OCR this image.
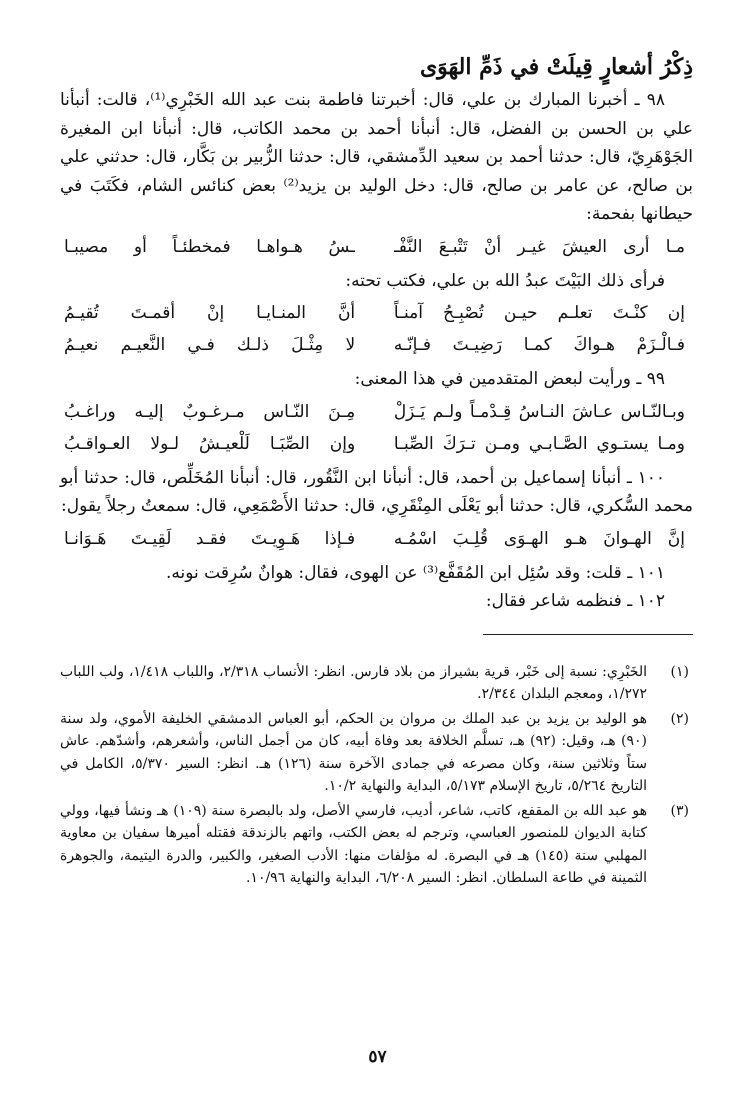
ذِكْرُ أشعارٍ قِيلَتْ في ذَمِّ الهَوَى

٩٨ ـ أخبرنا المبارك بن علي، قال: أخبرتنا فاطمة بنت عبد الله الخَبْرِي⁽¹⁾، قالت: أنبأنا علي بن الحسن بن الفضل، قال: أنبأنا أحمد بن محمد الكاتب، قال: أنبأنا ابن المغيرة الجَوْهَرِيّ، قال: حدثنا أحمد بن سعيد الدِّمشقي، قال: حدثنا الزُّبير بن بَكَّار، قال: حدثني علي بن صالح، عن عامر بن صالح، قال: دخل الوليد بن يزيد⁽²⁾ بعض كنائس الشام، فكَتَبَ في حيطانها بفحمة:

مـا أرى العيشَ غيـر أنْ تَتْبـعَ النَّفْـ
ـسُ هـواهـا فمخطئـاً أو مصيبـا

فرأى ذلك البَيْتَ عبدُ الله بن علي، فكتب تحته:

إن كنْـتَ تعلـم حيـن تُصْبِـحُ آمنـاً
أنَّ المنـايـا إنْ أقمـتَ تُقيـمُ
فـالْـزَمْ هـواكَ كمـا رَضِيـتَ فـإنّـه
لا مِثْـلَ ذلـك فـي النَّعيـم نعيـمُ

٩٩ ـ ورأيت لبعض المتقدمين في هذا المعنى:

وبـالنّـاس عـاشَ النـاسُ قِـدْمـاً ولـم يَـزَلْ
مِـنَ النّـاس مـرغـوبٌ إليـه وراغـبُ
ومـا يستـوي الصَّـابـي ومـن تـرَكَ الصِّبـا
وإن الصِّبَـا لَلْعيـشُ لـولا العـواقـبُ

١٠٠ ـ أنبأنا إسماعيل بن أحمد، قال: أنبأنا ابن النَّقُور، قال: أنبأنا المُخَلِّص، قال: حدثنا أبو محمد السُّكري، قال: حدثنا أبو يَعْلَى المِنْقَرِي، قال: حدثنا الأَصْمَعِي، قال: سمعتُ رجلاً يقول:

إنَّ الهـوانَ هـو الهـوَى قُلِـبَ اسْمُـه
فـإذا هَـوِيـتَ فقـد لَقِيـتَ هَـوَانـا

١٠١ ـ قلت: وقد سُئِل ابن المُقَفَّع⁽³⁾ عن الهوى، فقال: هوانٌ سُرِقت نونه.

١٠٢ ـ فنظمه شاعر فقال:

(١)
الخَبْرِي: نسبة إلى خَبْر، قرية بشيراز من بلاد فارس. انظر: الأنساب ٢/٣١٨، واللباب ١/٤١٨، ولب اللباب ١/٢٧٢، ومعجم البلدان ٢/٣٤٤.
(٢)
هو الوليد بن يزيد بن عبد الملك بن مروان بن الحكم، أبو العباس الدمشقي الخليفة الأموي، ولد سنة (٩٠) هـ، وقيل: (٩٢) هـ، تسلَّم الخلافة بعد وفاة أبيه، كان من أجمل الناس، وأشعرهم، وأشدّهم. عاش ستاً وثلاثين سنة، وكان مصرعه في جمادى الآخرة سنة (١٢٦) هـ. انظر: السير ٥/٣٧٠، الكامل في التاريخ ٥/٢٦٤، تاريخ الإسلام ٥/١٧٣، البداية والنهاية ١٠/٢.
(٣)
هو عبد الله بن المقفع، كاتب، شاعر، أديب، فارسي الأصل، ولد بالبصرة سنة (١٠٩) هـ ونشأ فيها، وولي كتابة الديوان للمنصور العباسي، وترجم له بعض الكتب، واتهم بالزندقة فقتله أميرها سفيان بن معاوية المهلبي سنة (١٤٥) هـ في البصرة. له مؤلفات منها: الأدب الصغير، والكبير، والدرة اليتيمة، والجوهرة الثمينة في طاعة السلطان. انظر: السير ٦/٢٠٨، البداية والنهاية ١٠/٩٦.
٥٧
